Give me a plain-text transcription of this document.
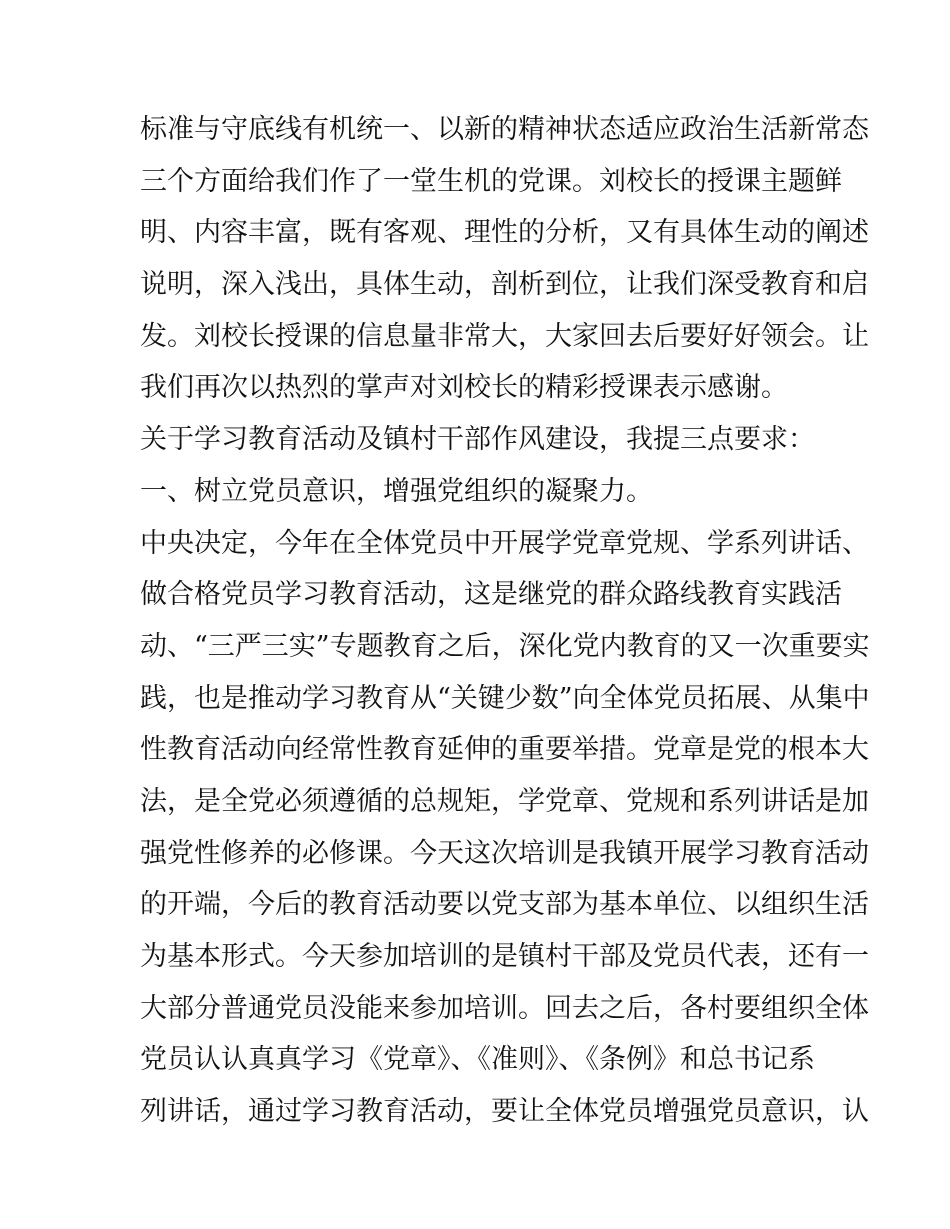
标准与守底线有机统一、以新的精神状态适应政治生活新常态
三个方面给我们作了一堂生机的党课。刘校长的授课主题鲜
明、内容丰富，既有客观、理性的分析，又有具体生动的阐述
说明，深入浅出，具体生动，剖析到位，让我们深受教育和启
发。刘校长授课的信息量非常大，大家回去后要好好领会。让
我们再次以热烈的掌声对刘校长的精彩授课表示感谢。
关于学习教育活动及镇村干部作风建设，我提三点要求：
一、树立党员意识，增强党组织的凝聚力。
中央决定，今年在全体党员中开展学党章党规、学系列讲话、
做合格党员学习教育活动，这是继党的群众路线教育实践活
动、“三严三实”专题教育之后，深化党内教育的又一次重要实
践，也是推动学习教育从“关键少数”向全体党员拓展、从集中
性教育活动向经常性教育延伸的重要举措。党章是党的根本大
法，是全党必须遵循的总规矩，学党章、党规和系列讲话是加
强党性修养的必修课。今天这次培训是我镇开展学习教育活动
的开端，今后的教育活动要以党支部为基本单位、以组织生活
为基本形式。今天参加培训的是镇村干部及党员代表，还有一
大部分普通党员没能来参加培训。回去之后，各村要组织全体
党员认认真真学习《党章》、《准则》、《条例》和总书记系
列讲话，通过学习教育活动，要让全体党员增强党员意识，认
